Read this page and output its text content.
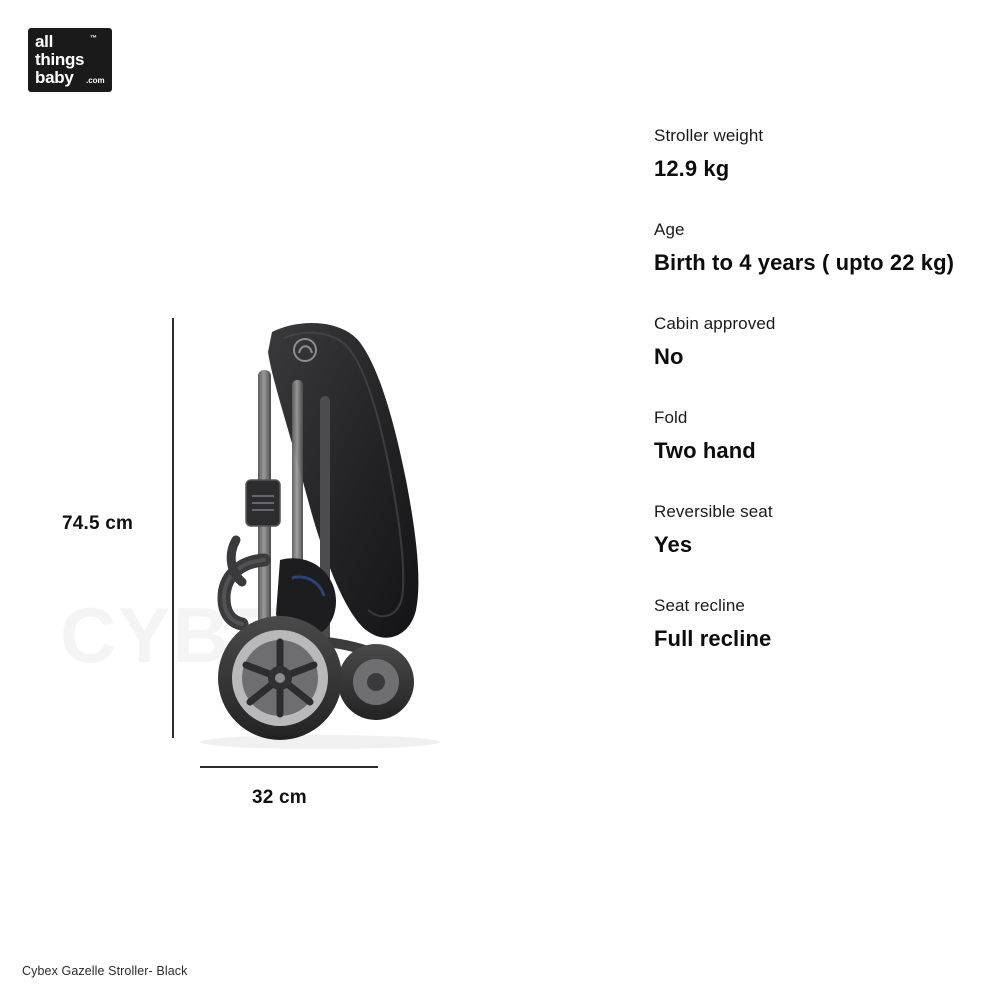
all
things
baby
™
.com
74.5 cm
32 cm
Stroller weight
12.9 kg
Age
Birth to 4 years ( upto 22 kg)
Cabin approved
No
Fold
Two hand
Reversible seat
Yes
Seat recline
Full recline
Cybex Gazelle Stroller- Black
